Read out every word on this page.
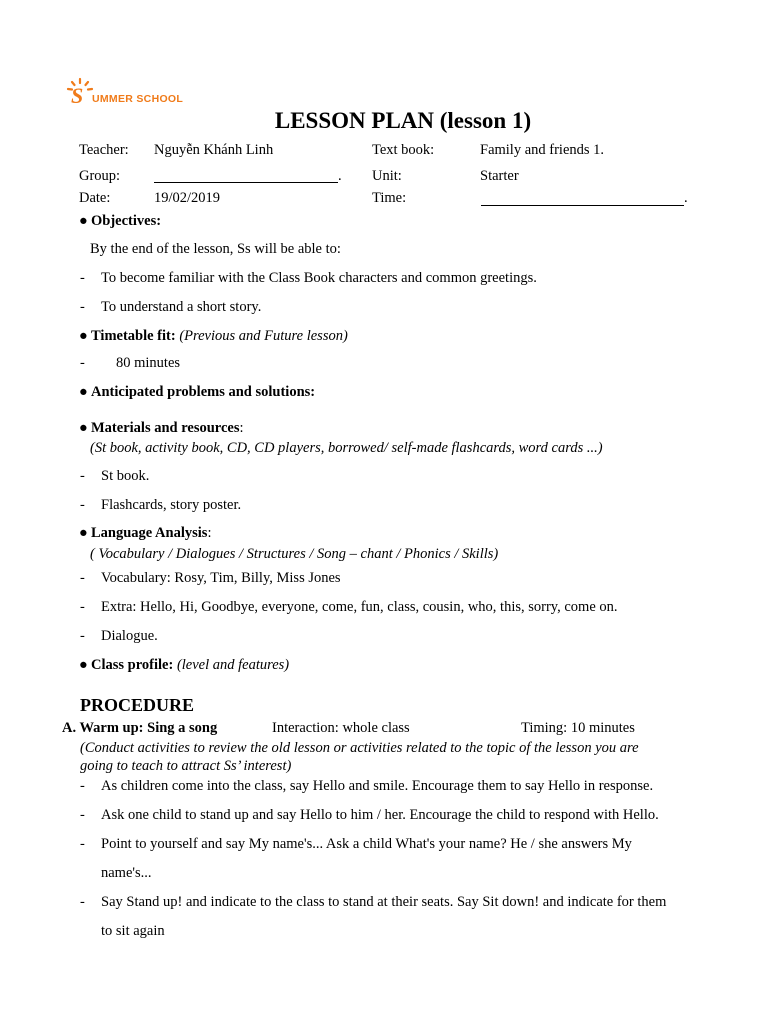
S UMMER SCHOOL
LESSON PLAN (lesson 1)
Teacher: Nguyễn Khánh Linh	Text book:	Family and friends 1.
Group:	. Unit:	Starter
Date:	19/02/2019	Time:	.
● Objectives:
By the end of the lesson, Ss will be able to:
- To become familiar with the Class Book characters and common greetings.
- To understand a short story.
● Timetable fit: (Previous and Future lesson)
- 80 minutes
● Anticipated problems and solutions:
● Materials and resources:
(St book, activity book, CD, CD players, borrowed/ self-made flashcards, word cards ...)
- St book.
- Flashcards, story poster.
● Language Analysis:
( Vocabulary / Dialogues / Structures / Song – chant / Phonics / Skills)
- Vocabulary: Rosy, Tim, Billy, Miss Jones
- Extra: Hello, Hi, Goodbye, everyone, come, fun, class, cousin, who, this, sorry, come on.
- Dialogue.
● Class profile: (level and features)
PROCEDURE
A. Warm up: Sing a song	Interaction: whole class	Timing: 10 minutes
(Conduct activities to review the old lesson or activities related to the topic of the lesson you are
going to teach to attract Ss’ interest)
- As children come into the class, say Hello and smile. Encourage them to say Hello in response.
- Ask one child to stand up and say Hello to him / her. Encourage the child to respond with Hello.
- Point to yourself and say My name's... Ask a child What's your name? He / she answers My
name's...
- Say Stand up! and indicate to the class to stand at their seats. Say Sit down! and indicate for them
to sit again
